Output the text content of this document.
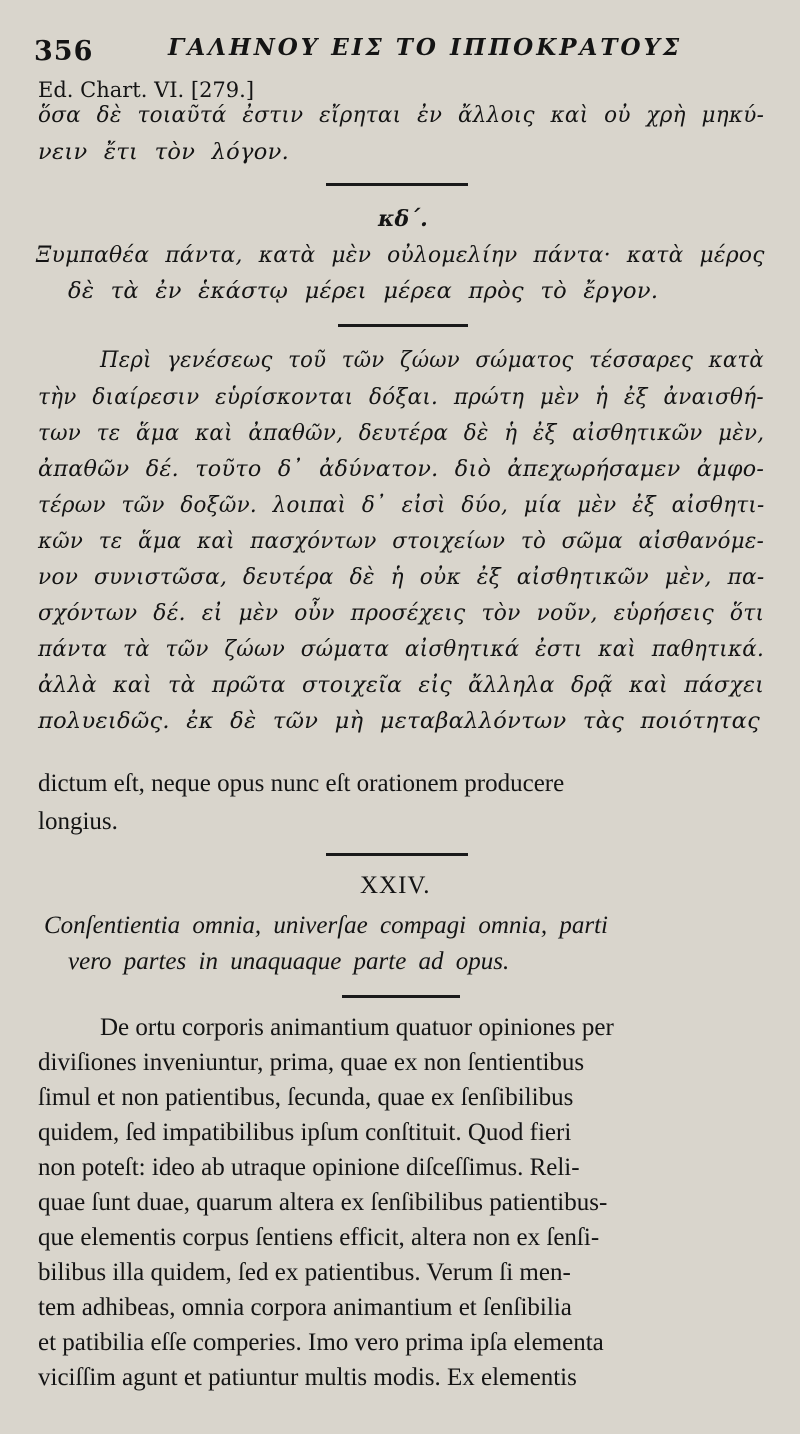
356	ΓΑΛΗΝΟΥ ΕΙΣ ΤΟ ΙΠΠΟΚΡΑΤΟΥΣ
Ed. Chart. VI. [279.]
ὅσα δὲ τοιαῦτά ἐστιν εἴρηται ἐν ἄλλοις καὶ οὐ χρὴ μηκύ-
νειν ἔτι τὸν λόγον.
κδ΄.
Ξυμπαθέα πάντα, κατὰ μὲν οὐλομελίην πάντα· κατὰ μέρος
δὲ τὰ ἐν ἑκάστῳ μέρει μέρεα πρὸς τὸ ἔργον.
Περὶ γενέσεως τοῦ τῶν ζώων σώματος τέσσαρες κατὰ
τὴν διαίρεσιν εὑρίσκονται δόξαι. πρώτη μὲν ἡ ἐξ ἀναισθή-
των τε ἅμα καὶ ἀπαθῶν, δευτέρα δὲ ἡ ἐξ αἰσθητικῶν μὲν,
ἀπαθῶν δέ. τοῦτο δ᾽ ἀδύνατον. διὸ ἀπεχωρήσαμεν ἀμφο-
τέρων τῶν δοξῶν. λοιπαὶ δ᾽ εἰσὶ δύο, μία μὲν ἐξ αἰσθητι-
κῶν τε ἅμα καὶ πασχόντων στοιχείων τὸ σῶμα αἰσθανόμε-
νον συνιστῶσα, δευτέρα δὲ ἡ οὐκ ἐξ αἰσθητικῶν μὲν, πα-
σχόντων δέ. εἰ μὲν οὖν προσέχεις τὸν νοῦν, εὑρήσεις ὅτι
πάντα τὰ τῶν ζώων σώματα αἰσθητικά ἐστι καὶ παθητικά.
ἀλλὰ καὶ τὰ πρῶτα στοιχεῖα εἰς ἄλληλα δρᾷ καὶ πάσχει
πολυειδῶς. ἐκ δὲ τῶν μὴ μεταβαλλόντων τὰς ποιότητας
dictum eſt, neque opus nunc eſt orationem producere
longius.
XXIV.
Conſentientia omnia, univerſae compagi omnia, parti
vero partes in unaquaque parte ad opus.
De ortu corporis animantium quatuor opiniones per
diviſiones inveniuntur, prima, quae ex non ſentientibus
ſimul et non patientibus, ſecunda, quae ex ſenſibilibus
quidem, ſed impatibilibus ipſum conſtituit. Quod fieri
non poteſt: ideo ab utraque opinione diſceſſimus. Reli-
quae ſunt duae, quarum altera ex ſenſibilibus patientibus-
que elementis corpus ſentiens efficit, altera non ex ſenſi-
bilibus illa quidem, ſed ex patientibus. Verum ſi men-
tem adhibeas, omnia corpora animantium et ſenſibilia
et patibilia eſſe comperies. Imo vero prima ipſa elementa
viciſſim agunt et patiuntur multis modis. Ex elementis
